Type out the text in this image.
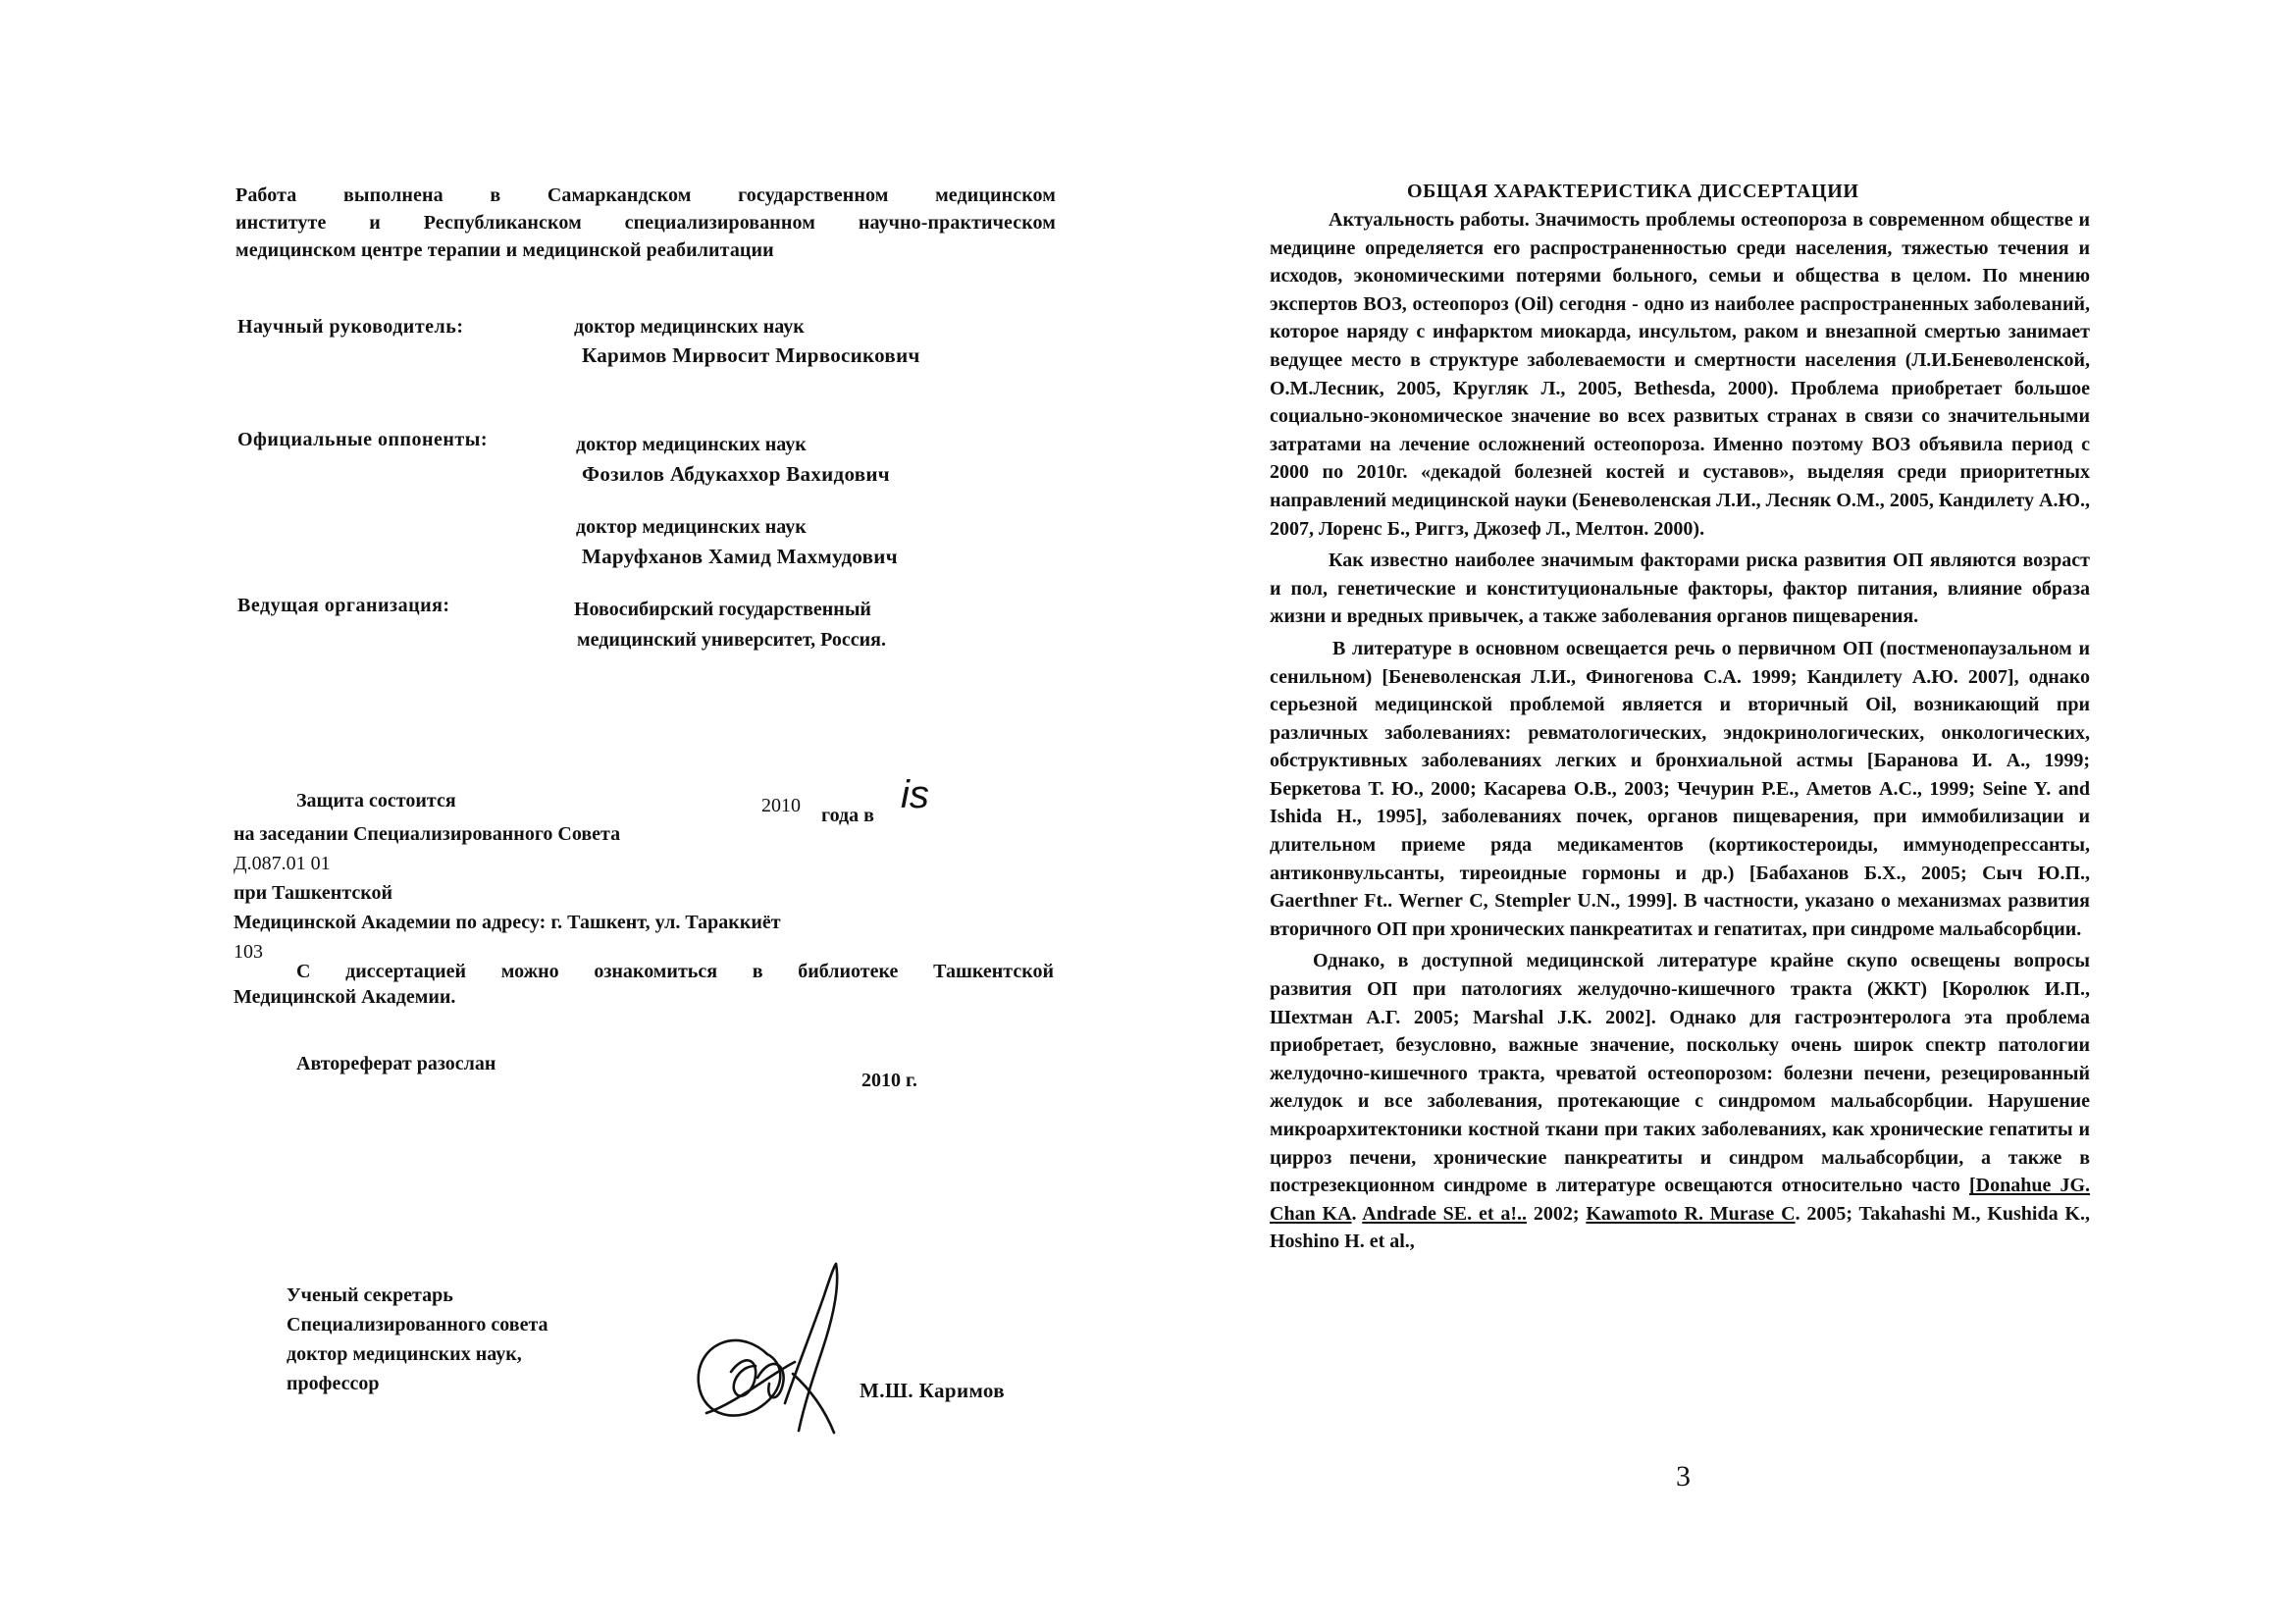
Работа выполнена в Самаркандском государственном медицинском
институте и Республиканском специализированном научно-практическом
медицинском центре терапии и медицинской реабилитации
Научный руководитель:	доктор медицинских наук
Каримов Мирвосит Мирвосикович
Официальные оппоненты:	доктор медицинских наук
Фозилов Абдукаххор Вахидович
доктор медицинских наук
Маруфханов Хамид Махмудович
Ведущая организация:	Новосибирский государственный
медицинский университет, Россия.
Защита состоится	2010 года в is
на заседании Специализированного Совета
Д.087.01 01
при Ташкентской
Медицинской Академии по адресу: г. Ташкент, ул. Тараккиёт
103
С диссертацией можно ознакомиться в библиотеке Ташкентской
Медицинской Академии.
Автореферат разослан
2010 г.
Ученый секретарь
Специализированного совета
доктор медицинских наук,
профессор	М.Ш. Каримов
ОБЩАЯ ХАРАКТЕРИСТИКА ДИССЕРТАЦИИ

Актуальность работы. Значимость проблемы остеопороза в современном обществе и медицине определяется его распространенностью среди населения, тяжестью течения и исходов, экономическими потерями больного, семьи и общества в целом. По мнению экспертов ВОЗ, остеопороз (Oil) сегодня - одно из наиболее распространенных заболеваний, которое наряду с инфарктом миокарда, инсультом, раком и внезапной смертью занимает ведущее место в структуре заболеваемости и смертности населения (Л.И.Беневоленской, О.М.Лесник, 2005, Кругляк Л., 2005, Bethesda, 2000). Проблема приобретает большое социально-экономическое значение во всех развитых странах в связи со значительными затратами на лечение осложнений остеопороза. Именно поэтому ВОЗ объявила период с 2000 по 2010г. «декадой болезней костей и суставов», выделяя среди приоритетных направлений медицинской науки (Беневоленская Л.И., Лесняк О.М., 2005, Кандилету А.Ю., 2007, Лоренс Б., Риггз, Джозеф Л., Мелтон. 2000).

Как известно наиболее значимым факторами риска развития ОП являются возраст и пол, генетические и конституциональные факторы, фактор питания, влияние образа жизни и вредных привычек, а также заболевания органов пищеварения.

В литературе в основном освещается речь о первичном ОП (постменопаузальном и сенильном) [Беневоленская Л.И., Финогенова С.А. 1999; Кандилету А.Ю. 2007], однако серьезной медицинской проблемой является и вторичный Oil, возникающий при различных заболеваниях: ревматологических, эндокринологических, онкологических, обструктивных заболеваниях легких и бронхиальной астмы [Баранова И. А., 1999; Беркетова Т. Ю., 2000; Касарева О.В., 2003; Чечурин Р.Е., Аметов А.С., 1999; Seine Y. and Ishida H., 1995], заболеваниях почек, органов пищеварения, при иммобилизации и длительном приеме ряда медикаментов (кортикостероиды, иммунодепрессанты, антиконвульсанты, тиреоидные гормоны и др.) [Бабаханов Б.Х., 2005; Сыч Ю.П., Gaerthner Ft.. Werner С, Stempler U.N., 1999]. В частности, указано о механизмах развития вторичного ОП при хронических панкреатитах и гепатитах, при синдроме мальабсорбции.

Однако, в доступной медицинской литературе крайне скупо освещены вопросы развития ОП при патологиях желудочно-кишечного тракта (ЖКТ) [Королюк И.П., Шехтман А.Г. 2005; Marshal J.K. 2002]. Однако для гастроэнтеролога эта проблема приобретает, безусловно, важные значение, поскольку очень широк спектр патологии желудочно-кишечного тракта, чреватой остеопорозом: болезни печени, резецированный желудок и все заболевания, протекающие с синдромом мальабсорбции. Нарушение микроархитектоники костной ткани при таких заболеваниях, как хронические гепатиты и цирроз печени, хронические панкреатиты и синдром мальабсорбции, а также в пострезекционном синдроме в литературе освещаются относительно часто [Donahue JG. Chan KA. Andrade SE. et a!.. 2002; Kawamoto R. Murase C. 2005; Takahashi M., Kushida K., Hoshino H. et al.,

3
